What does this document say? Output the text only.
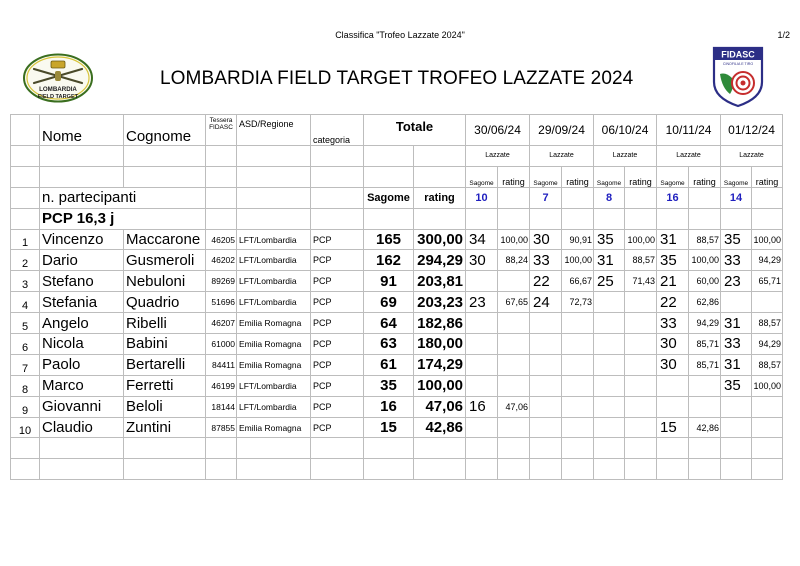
Classifica "Trofeo Lazzate 2024"	1/2
LOMBARDIA
FIELD TARGET
LOMBARDIA FIELD TARGET TROFEO LAZZATE 2024
FIDASC
CINOFILIA E TIRO
	Nome	Cognome	Tessera
FIDASC	ASD/Regione	categoria	Totale		30/06/24		29/09/24		06/10/24		10/11/24		01/12/24	
								Lazzate		Lazzate		Lazzate		Lazzate		Lazzate	
								Sagome	rating	Sagome	rating	Sagome	rating	Sagome	rating	Sagome	rating
	n. partecipanti					Sagome	rating	10		7		8		16		14	
	PCP 16,3 j																
1	Vincenzo	Maccarone	46205	LFT/Lombardia	PCP	165	300,00	34	100,00	30	90,91	35	100,00	31	88,57	35	100,00
2	Dario	Gusmeroli	46202	LFT/Lombardia	PCP	162	294,29	30	88,24	33	100,00	31	88,57	35	100,00	33	94,29
3	Stefano	Nebuloni	89269	LFT/Lombardia	PCP	91	203,81			22	66,67	25	71,43	21	60,00	23	65,71
4	Stefania	Quadrio	51696	LFT/Lombardia	PCP	69	203,23	23	67,65	24	72,73			22	62,86		
5	Angelo	Ribelli	46207	Emilia Romagna	PCP	64	182,86							33	94,29	31	88,57
6	Nicola	Babini	61000	Emilia Romagna	PCP	63	180,00							30	85,71	33	94,29
7	Paolo	Bertarelli	84411	Emilia Romagna	PCP	61	174,29							30	85,71	31	88,57
8	Marco	Ferretti	46199	LFT/Lombardia	PCP	35	100,00									35	100,00
9	Giovanni	Beloli	18144	LFT/Lombardia	PCP	16	47,06	16	47,06								
10	Claudio	Zuntini	87855	Emilia Romagna	PCP	15	42,86							15	42,86		
